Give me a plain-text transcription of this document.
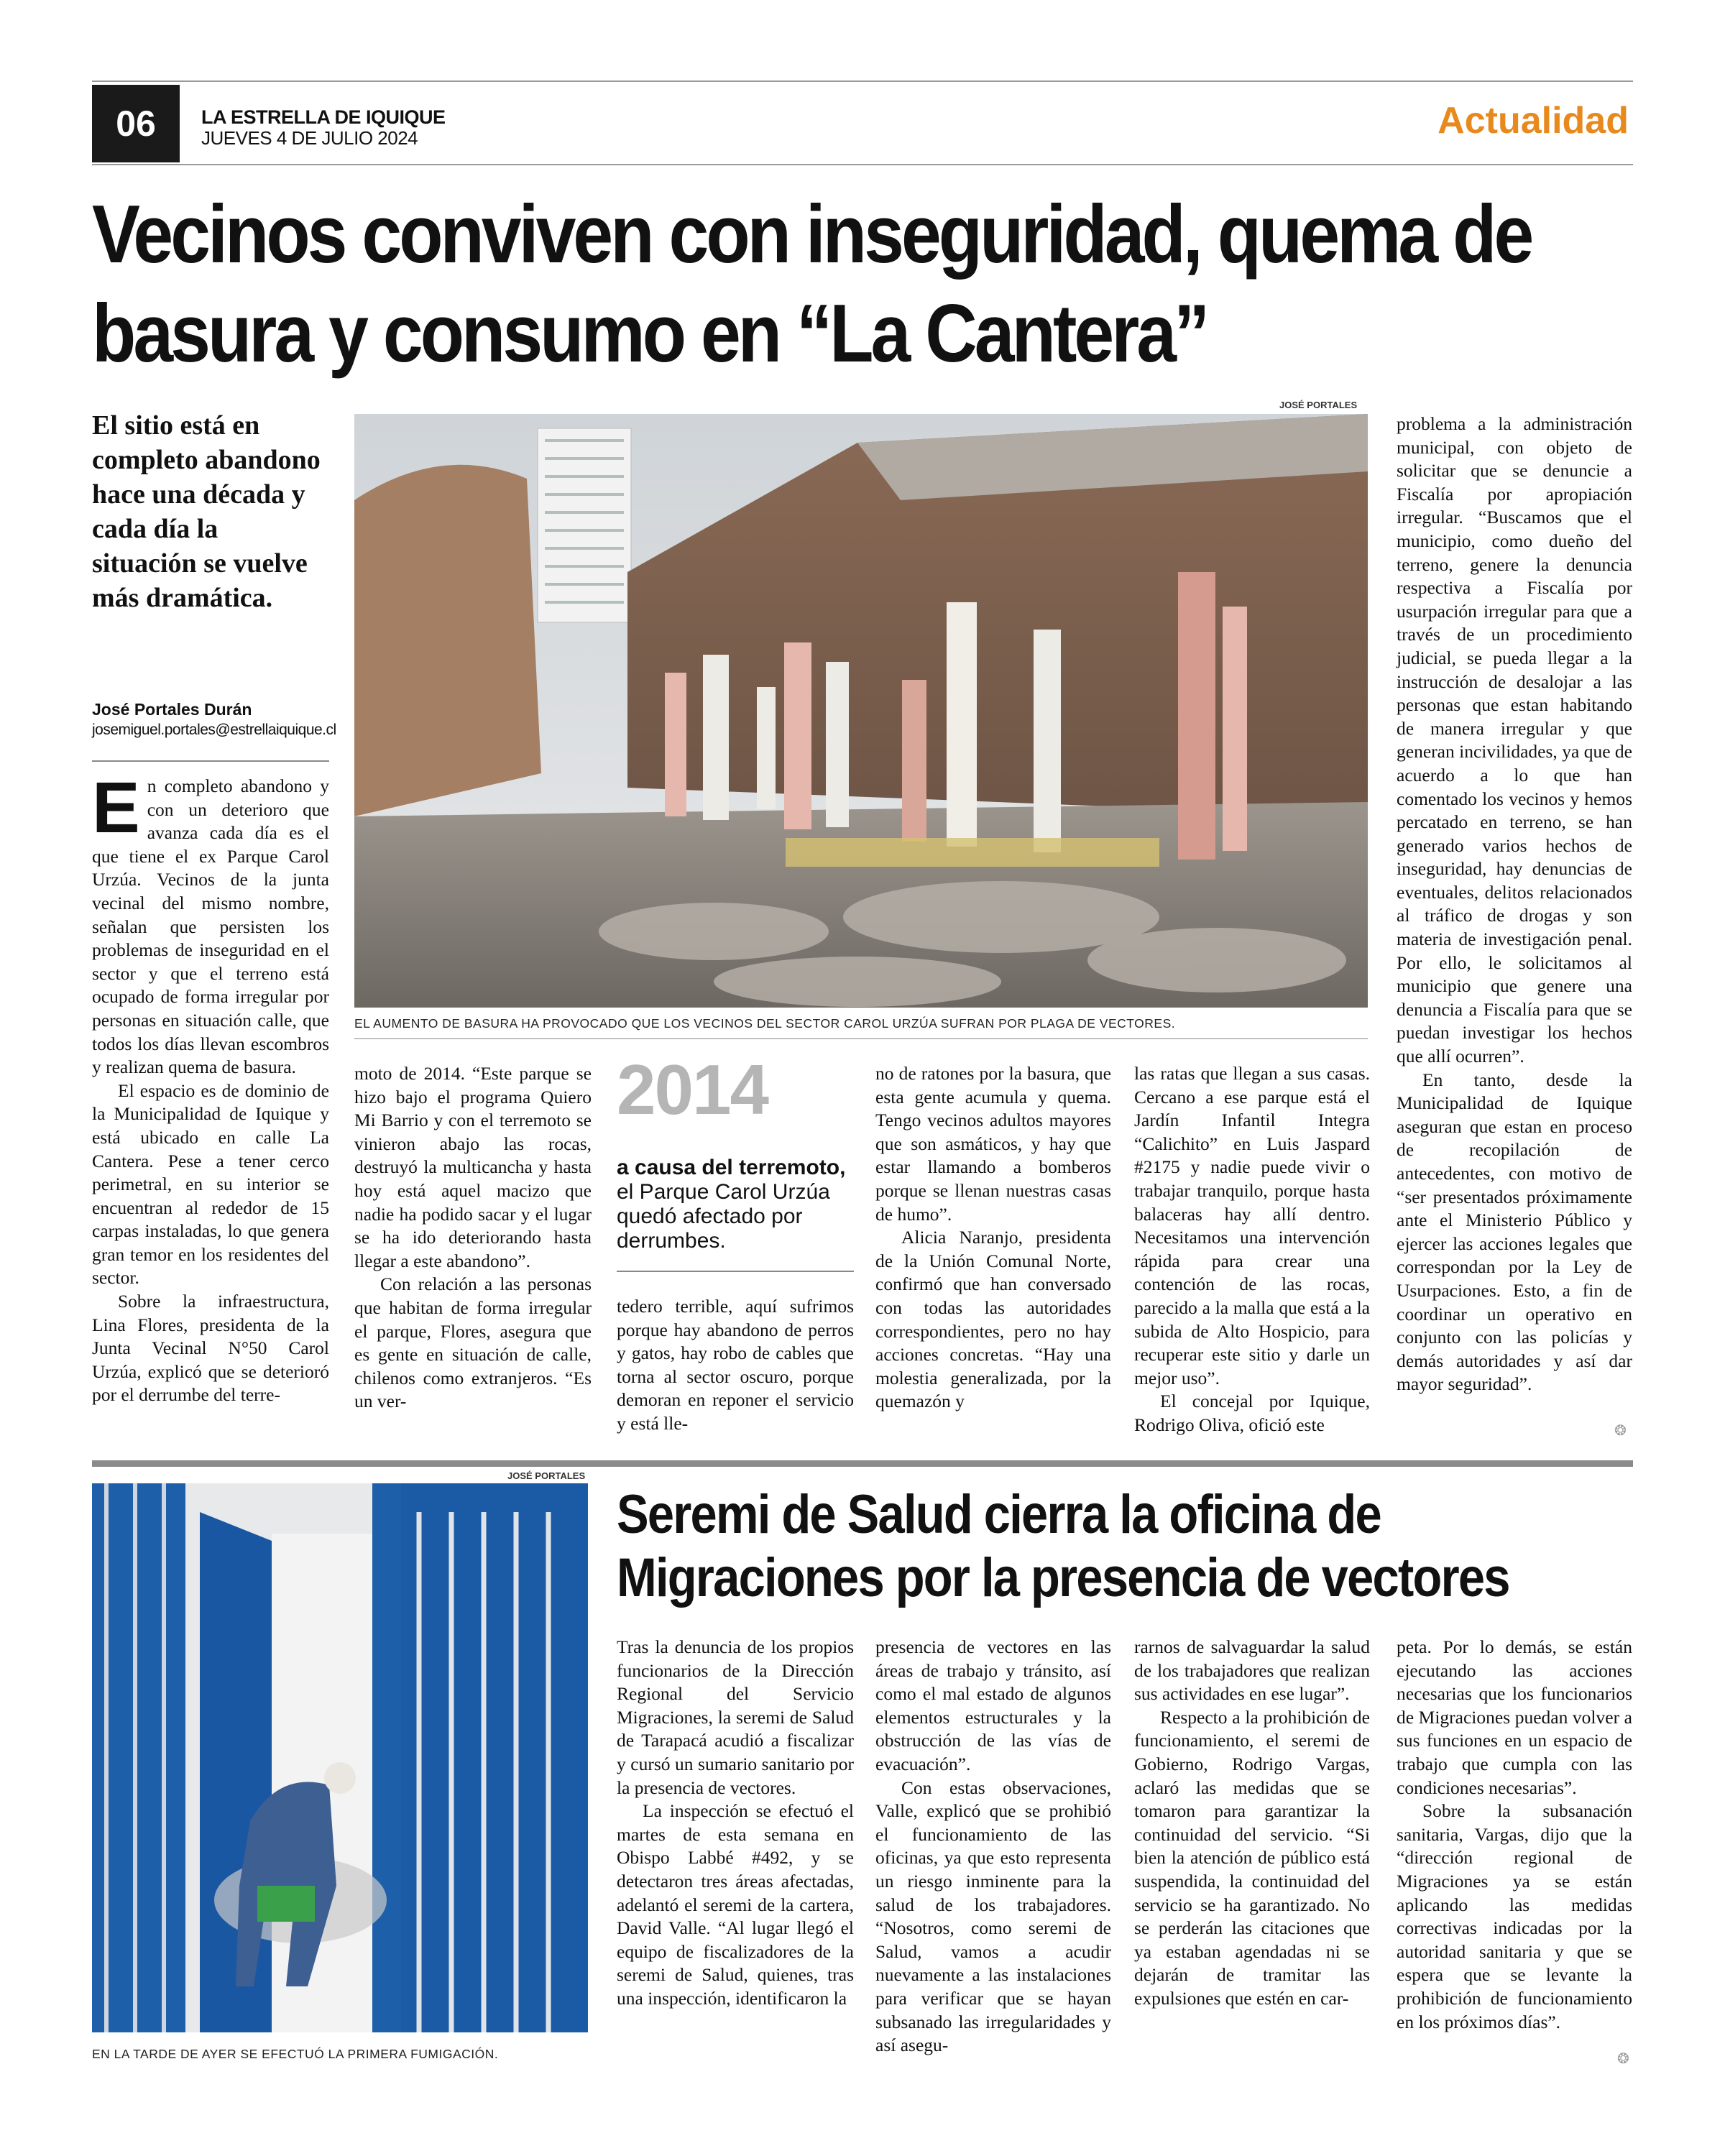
06 LA ESTRELLA DE IQUIQUE
JUEVES 4 DE JULIO 2024	Actualidad
Vecinos conviven con inseguridad, quema de basura y consumo en “La Cantera”
El sitio está en completo abandono hace una década y cada día la situación se vuelve más dramática.
José Portales Durán
josemiguel.portales@estrellaiquique.cl
JOSÉ PORTALES
EL AUMENTO DE BASURA HA PROVOCADO QUE LOS VECINOS DEL SECTOR CAROL URZÚA SUFRAN POR PLAGA DE VECTORES.

En completo abandono y con un deterioro que avanza cada día es el que tiene el ex Parque Carol Urzúa. Vecinos de la junta vecinal del mismo nombre, señalan que persisten los problemas de inseguridad en el sector y que el terreno está ocupado de forma irregular por personas en situación calle, que todos los días llevan escombros y realizan quema de basura.

El espacio es de dominio de la Municipalidad de Iquique y está ubicado en calle La Cantera. Pese a tener cerco perimetral, en su interior se encuentran al rededor de 15 carpas instaladas, lo que genera gran temor en los residentes del sector.

Sobre la infraestructura, Lina Flores, presidenta de la Junta Vecinal N°50 Carol Urzúa, explicó que se deterioró por el derrumbe del terre-

moto de 2014. “Este parque se hizo bajo el programa Quiero Mi Barrio y con el terremoto se vinieron abajo las rocas, destruyó la multicancha y hasta hoy está aquel macizo que nadie ha podido sacar y el lugar se ha ido deteriorando hasta llegar a este abandono”.

Con relación a las personas que habitan de forma irregular el parque, Flores, asegura que es gente en situación de calle, chilenos como extranjeros. “Es un ver-

2014
a causa del terremoto, el Parque Carol Urzúa quedó afectado por derrumbes.

tedero terrible, aquí sufrimos porque hay abandono de perros y gatos, hay robo de cables que torna al sector oscuro, porque demoran en reponer el servicio y está lle-

no de ratones por la basura, que esta gente acumula y quema. Tengo vecinos adultos mayores que son asmáticos, y hay que estar llamando a bomberos porque se llenan nuestras casas de humo”.

Alicia Naranjo, presidenta de la Unión Comunal Norte, confirmó que han conversado con todas las autoridades correspondientes, pero no hay acciones concretas. “Hay una molestia generalizada, por la quemazón y

las ratas que llegan a sus casas. Cercano a ese parque está el Jardín Infantil Integra “Calichito” en Luis Jaspard #2175 y nadie puede vivir o trabajar tranquilo, porque hasta balaceras hay allí dentro. Necesitamos una intervención rápida para crear una contención de las rocas, parecido a la malla que está a la subida de Alto Hospicio, para recuperar este sitio y darle un mejor uso”.

El concejal por Iquique, Rodrigo Oliva, ofició este

problema a la administración municipal, con objeto de solicitar que se denuncie a Fiscalía por apropiación irregular. “Buscamos que el municipio, como dueño del terreno, genere la denuncia respectiva a Fiscalía por usurpación irregular para que a través de un procedimiento judicial, se pueda llegar a la instrucción de desalojar a las personas que estan habitando de manera irregular y que generan incivilidades, ya que de acuerdo a lo que han comentado los vecinos y hemos percatado en terreno, se han generado varios hechos de inseguridad, hay denuncias de eventuales, delitos relacionados al tráfico de drogas y son materia de investigación penal. Por ello, le solicitamos al municipio que genere una denuncia a Fiscalía para que se puedan investigar los hechos que allí ocurren”.

En tanto, desde la Municipalidad de Iquique aseguran que estan en proceso de recopilación de antecedentes, con motivo de “ser presentados próximamente ante el Ministerio Público y ejercer las acciones legales que correspondan por la Ley de Usurpaciones. Esto, a fin de coordinar un operativo en conjunto con las policías y demás autoridades y así dar mayor seguridad”.

❂
JOSÉ PORTALES
EN LA TARDE DE AYER SE EFECTUÓ LA PRIMERA FUMIGACIÓN.
Seremi de Salud cierra la oficina de Migraciones por la presencia de vectores

Tras la denuncia de los propios funcionarios de la Dirección Regional del Servicio Migraciones, la seremi de Salud de Tarapacá acudió a fiscalizar y cursó un sumario sanitario por la presencia de vectores.

La inspección se efectuó el martes de esta semana en Obispo Labbé #492, y se detectaron tres áreas afectadas, adelantó el seremi de la cartera, David Valle. “Al lugar llegó el equipo de fiscalizadores de la seremi de Salud, quienes, tras una inspección, identificaron la

presencia de vectores en las áreas de trabajo y tránsito, así como el mal estado de algunos elementos estructurales y la obstrucción de las vías de evacuación”.

Con estas observaciones, Valle, explicó que se prohibió el funcionamiento de las oficinas, ya que esto representa un riesgo inminente para la salud de los trabajadores. “Nosotros, como seremi de Salud, vamos a acudir nuevamente a las instalaciones para verificar que se hayan subsanado las irregularidades y así asegu-

rarnos de salvaguardar la salud de los trabajadores que realizan sus actividades en ese lugar”.

Respecto a la prohibición de funcionamiento, el seremi de Gobierno, Rodrigo Vargas, aclaró las medidas que se tomaron para garantizar la continuidad del servicio. “Si bien la atención de público está suspendida, la continuidad del servicio se ha garantizado. No se perderán las citaciones que ya estaban agendadas ni se dejarán de tramitar las expulsiones que estén en car-

peta. Por lo demás, se están ejecutando las acciones necesarias que los funcionarios de Migraciones puedan volver a sus funciones en un espacio de trabajo que cumpla con las condiciones necesarias”.

Sobre la subsanación sanitaria, Vargas, dijo que la “dirección regional de Migraciones ya se están aplicando las medidas correctivas indicadas por la autoridad sanitaria y que se espera que se levante la prohibición de funcionamiento en los próximos días”.

❂
